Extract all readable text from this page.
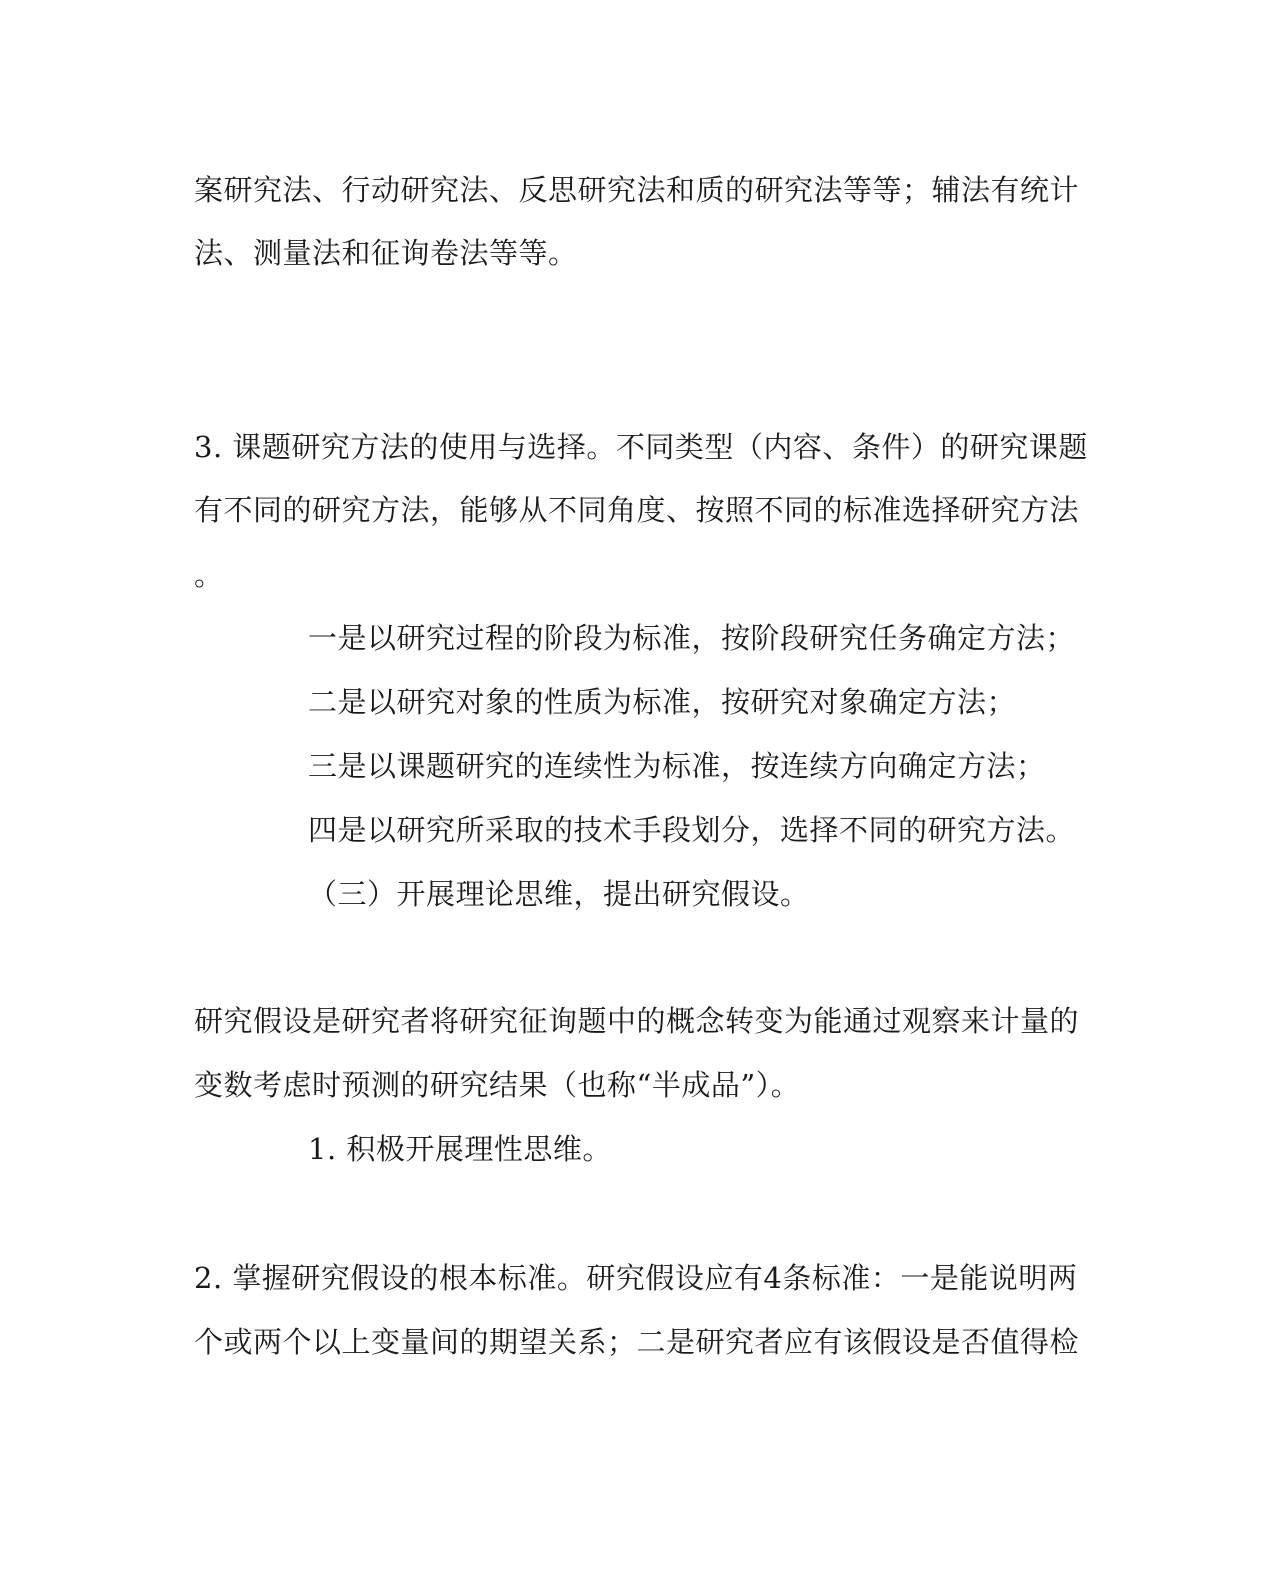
案研究法、行动研究法、反思研究法和质的研究法等等；辅法有统计
法、测量法和征询卷法等等。
3. 课题研究方法的使用与选择。不同类型（内容、条件）的研究课题
有不同的研究方法，能够从不同角度、按照不同的标准选择研究方法
。
一是以研究过程的阶段为标准，按阶段研究任务确定方法；
二是以研究对象的性质为标准，按研究对象确定方法；
三是以课题研究的连续性为标准，按连续方向确定方法；
四是以研究所采取的技术手段划分，选择不同的研究方法。
（三）开展理论思维，提出研究假设。
研究假设是研究者将研究征询题中的概念转变为能通过观察来计量的
变数考虑时预测的研究结果（也称“半成品”）。
1. 积极开展理性思维。
2. 掌握研究假设的根本标准。研究假设应有4条标准：一是能说明两
个或两个以上变量间的期望关系；二是研究者应有该假设是否值得检
